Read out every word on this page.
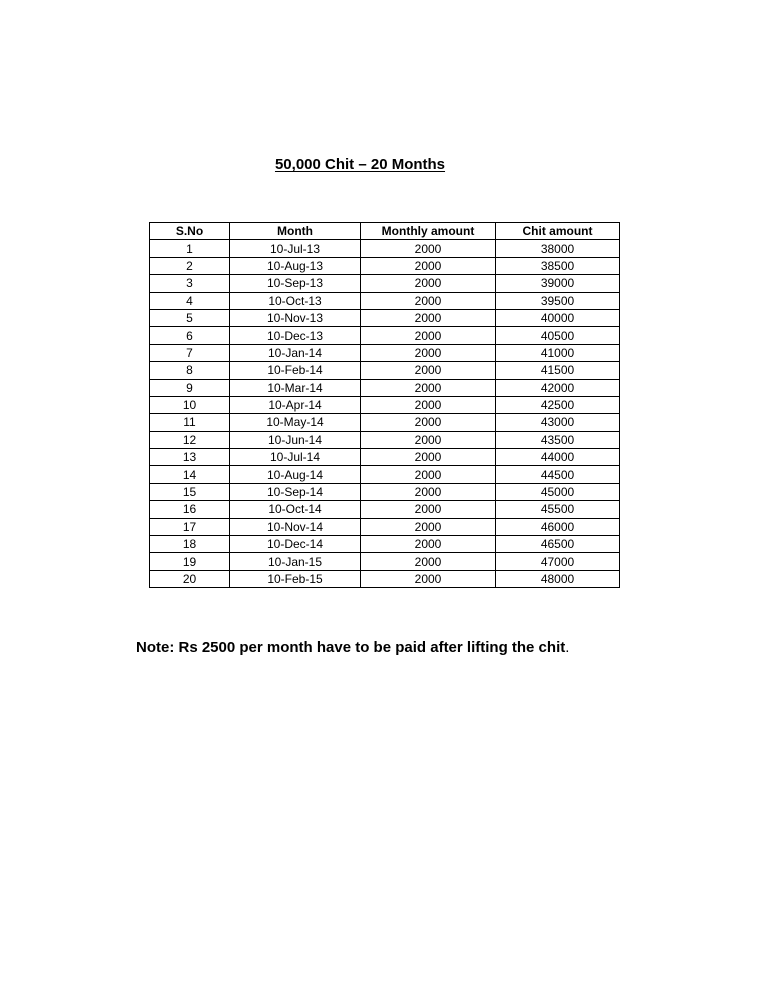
50,000 Chit – 20 Months
S.No	Month	Monthly amount	Chit amount
1	10-Jul-13	2000	38000
2	10-Aug-13	2000	38500
3	10-Sep-13	2000	39000
4	10-Oct-13	2000	39500
5	10-Nov-13	2000	40000
6	10-Dec-13	2000	40500
7	10-Jan-14	2000	41000
8	10-Feb-14	2000	41500
9	10-Mar-14	2000	42000
10	10-Apr-14	2000	42500
11	10-May-14	2000	43000
12	10-Jun-14	2000	43500
13	10-Jul-14	2000	44000
14	10-Aug-14	2000	44500
15	10-Sep-14	2000	45000
16	10-Oct-14	2000	45500
17	10-Nov-14	2000	46000
18	10-Dec-14	2000	46500
19	10-Jan-15	2000	47000
20	10-Feb-15	2000	48000
Note: Rs 2500 per month have to be paid after lifting the chit.
